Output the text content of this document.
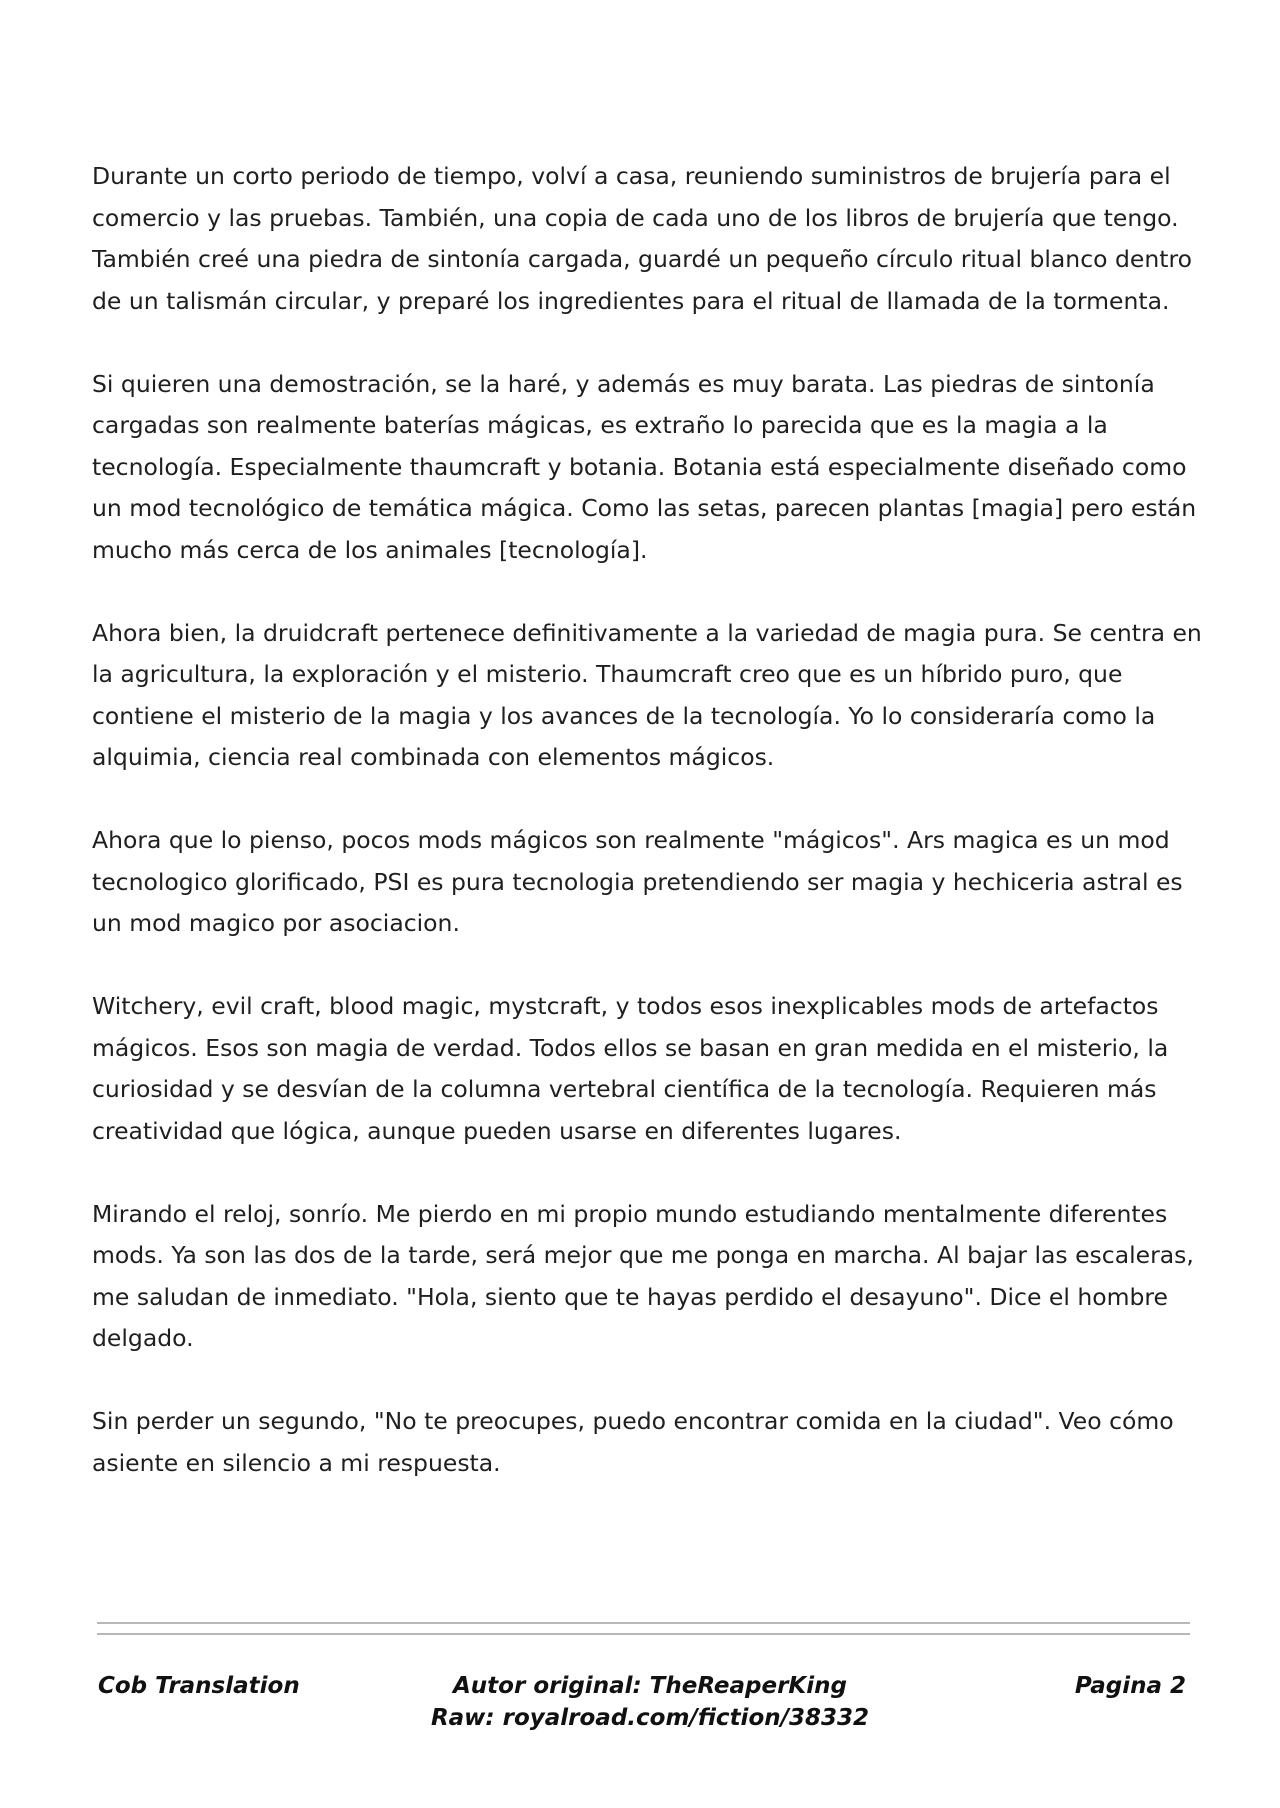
Durante un corto periodo de tiempo, volví a casa, reuniendo suministros de brujería para el comercio y las pruebas. También, una copia de cada uno de los libros de brujería que tengo. También creé una piedra de sintonía cargada, guardé un pequeño círculo ritual blanco dentro de un talismán circular, y preparé los ingredientes para el ritual de llamada de la tormenta.

Si quieren una demostración, se la haré, y además es muy barata. Las piedras de sintonía cargadas son realmente baterías mágicas, es extraño lo parecida que es la magia a la tecnología. Especialmente thaumcraft y botania. Botania está especialmente diseñado como un mod tecnológico de temática mágica. Como las setas, parecen plantas [magia] pero están mucho más cerca de los animales [tecnología].

Ahora bien, la druidcraft pertenece definitivamente a la variedad de magia pura. Se centra en la agricultura, la exploración y el misterio. Thaumcraft creo que es un híbrido puro, que contiene el misterio de la magia y los avances de la tecnología. Yo lo consideraría como la alquimia, ciencia real combinada con elementos mágicos.

Ahora que lo pienso, pocos mods mágicos son realmente "mágicos". Ars magica es un mod tecnologico glorificado, PSI es pura tecnologia pretendiendo ser magia y hechiceria astral es un mod magico por asociacion.

Witchery, evil craft, blood magic, mystcraft, y todos esos inexplicables mods de artefactos mágicos. Esos son magia de verdad. Todos ellos se basan en gran medida en el misterio, la curiosidad y se desvían de la columna vertebral científica de la tecnología. Requieren más creatividad que lógica, aunque pueden usarse en diferentes lugares.

Mirando el reloj, sonrío. Me pierdo en mi propio mundo estudiando mentalmente diferentes mods. Ya son las dos de la tarde, será mejor que me ponga en marcha. Al bajar las escaleras, me saludan de inmediato. "Hola, siento que te hayas perdido el desayuno". Dice el hombre delgado.

Sin perder un segundo, "No te preocupes, puedo encontrar comida en la ciudad". Veo cómo asiente en silencio a mi respuesta.

Cob Translation	Autor original: TheReaperKing
Raw: royalroad.com/fiction/38332
Pagina 2
